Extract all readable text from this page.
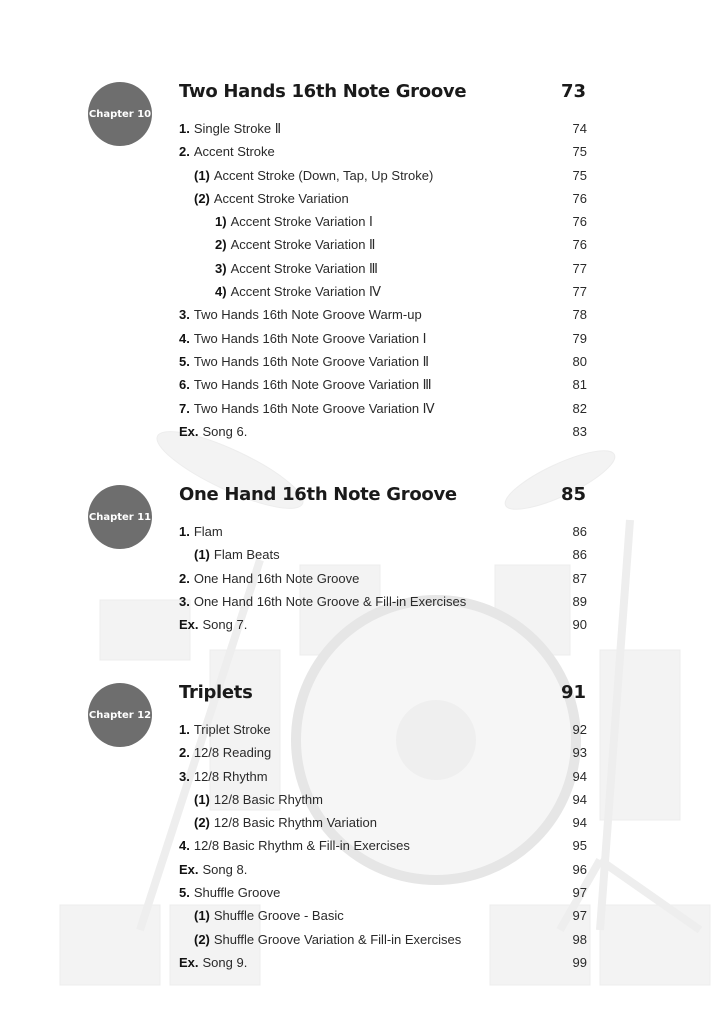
Chapter 10
Two Hands 16th Note Groove	73
1. Single Stroke Ⅱ	74
2. Accent Stroke	75
(1) Accent Stroke (Down, Tap, Up Stroke)	75
(2) Accent Stroke Variation	76
1) Accent Stroke Variation Ⅰ	76
2) Accent Stroke Variation Ⅱ	76
3) Accent Stroke Variation Ⅲ	77
4) Accent Stroke Variation Ⅳ	77
3. Two Hands 16th Note Groove Warm-up	78
4. Two Hands 16th Note Groove Variation Ⅰ	79
5. Two Hands 16th Note Groove Variation Ⅱ	80
6. Two Hands 16th Note Groove Variation Ⅲ	81
7. Two Hands 16th Note Groove Variation Ⅳ	82
Ex. Song 6.	83
Chapter 11
One Hand 16th Note Groove	85
1. Flam	86
(1) Flam Beats	86
2. One Hand 16th Note Groove	87
3. One Hand 16th Note Groove & Fill-in Exercises	89
Ex. Song 7.	90
Chapter 12
Triplets	91
1. Triplet Stroke	92
2. 12/8 Reading	93
3. 12/8 Rhythm	94
(1) 12/8 Basic Rhythm	94
(2) 12/8 Basic Rhythm Variation	94
4. 12/8 Basic Rhythm & Fill-in Exercises	95
Ex. Song 8.	96
5. Shuffle Groove	97
(1) Shuffle Groove - Basic	97
(2) Shuffle Groove Variation & Fill-in Exercises	98
Ex. Song 9.	99
